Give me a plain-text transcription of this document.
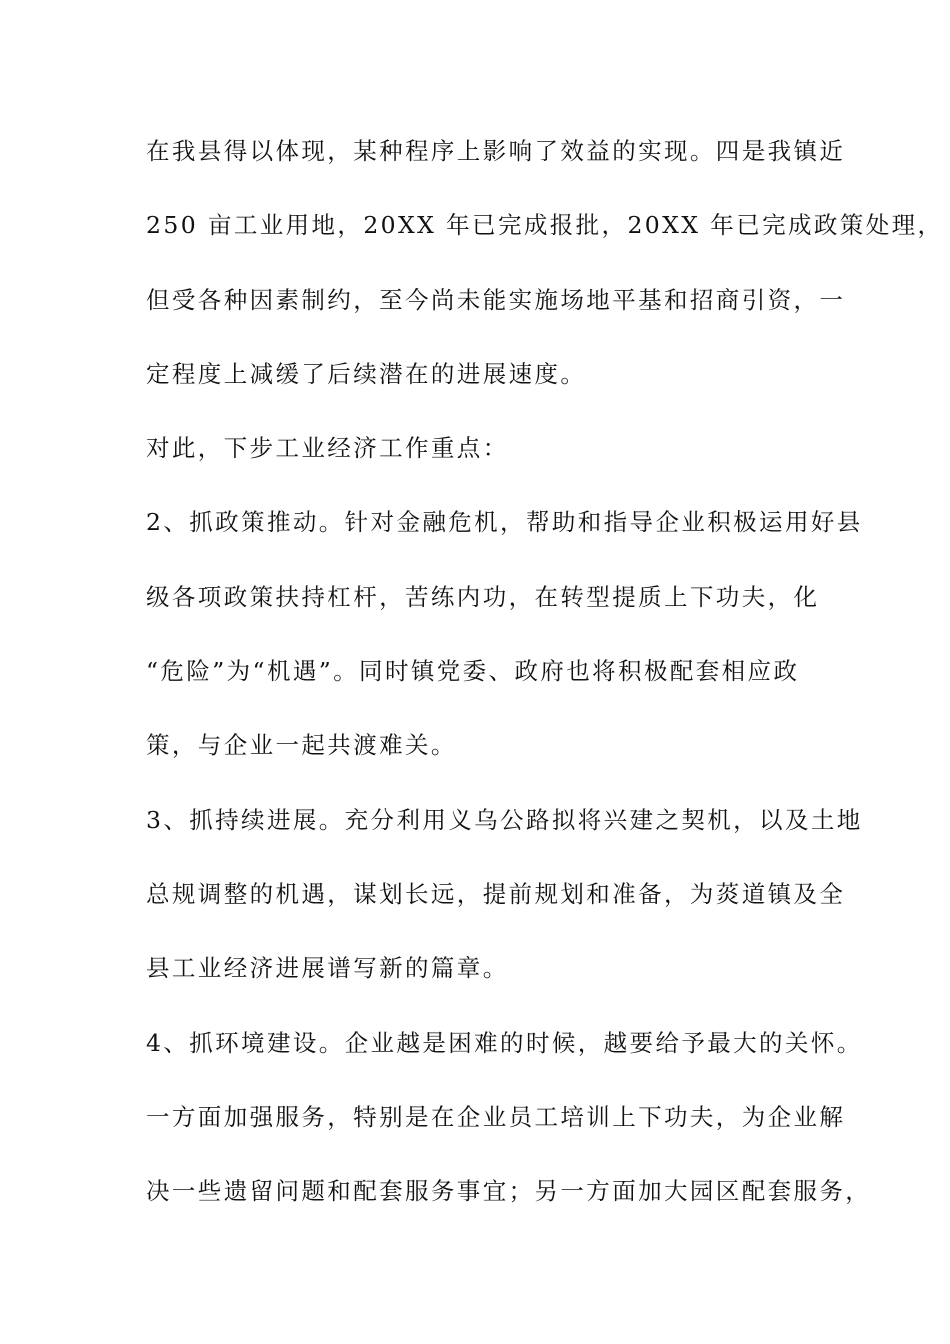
在我县得以体现，某种程序上影响了效益的实现。四是我镇近
250 亩工业用地，20XX 年已完成报批，20XX 年已完成政策处理，
但受各种因素制约，至今尚未能实施场地平基和招商引资，一
定程度上减缓了后续潜在的进展速度。
对此，下步工业经济工作重点：
2、抓政策推动。针对金融危机，帮助和指导企业积极运用好县
级各项政策扶持杠杆，苦练内功，在转型提质上下功夫，化
“危险”为“机遇”。同时镇党委、政府也将积极配套相应政
策，与企业一起共渡难关。
3、抓持续进展。充分利用义乌公路拟将兴建之契机，以及土地
总规调整的机遇，谋划长远，提前规划和准备，为菼道镇及全
县工业经济进展谱写新的篇章。
4、抓环境建设。企业越是困难的时候，越要给予最大的关怀。
一方面加强服务，特别是在企业员工培训上下功夫，为企业解
决一些遗留问题和配套服务事宜；另一方面加大园区配套服务，
